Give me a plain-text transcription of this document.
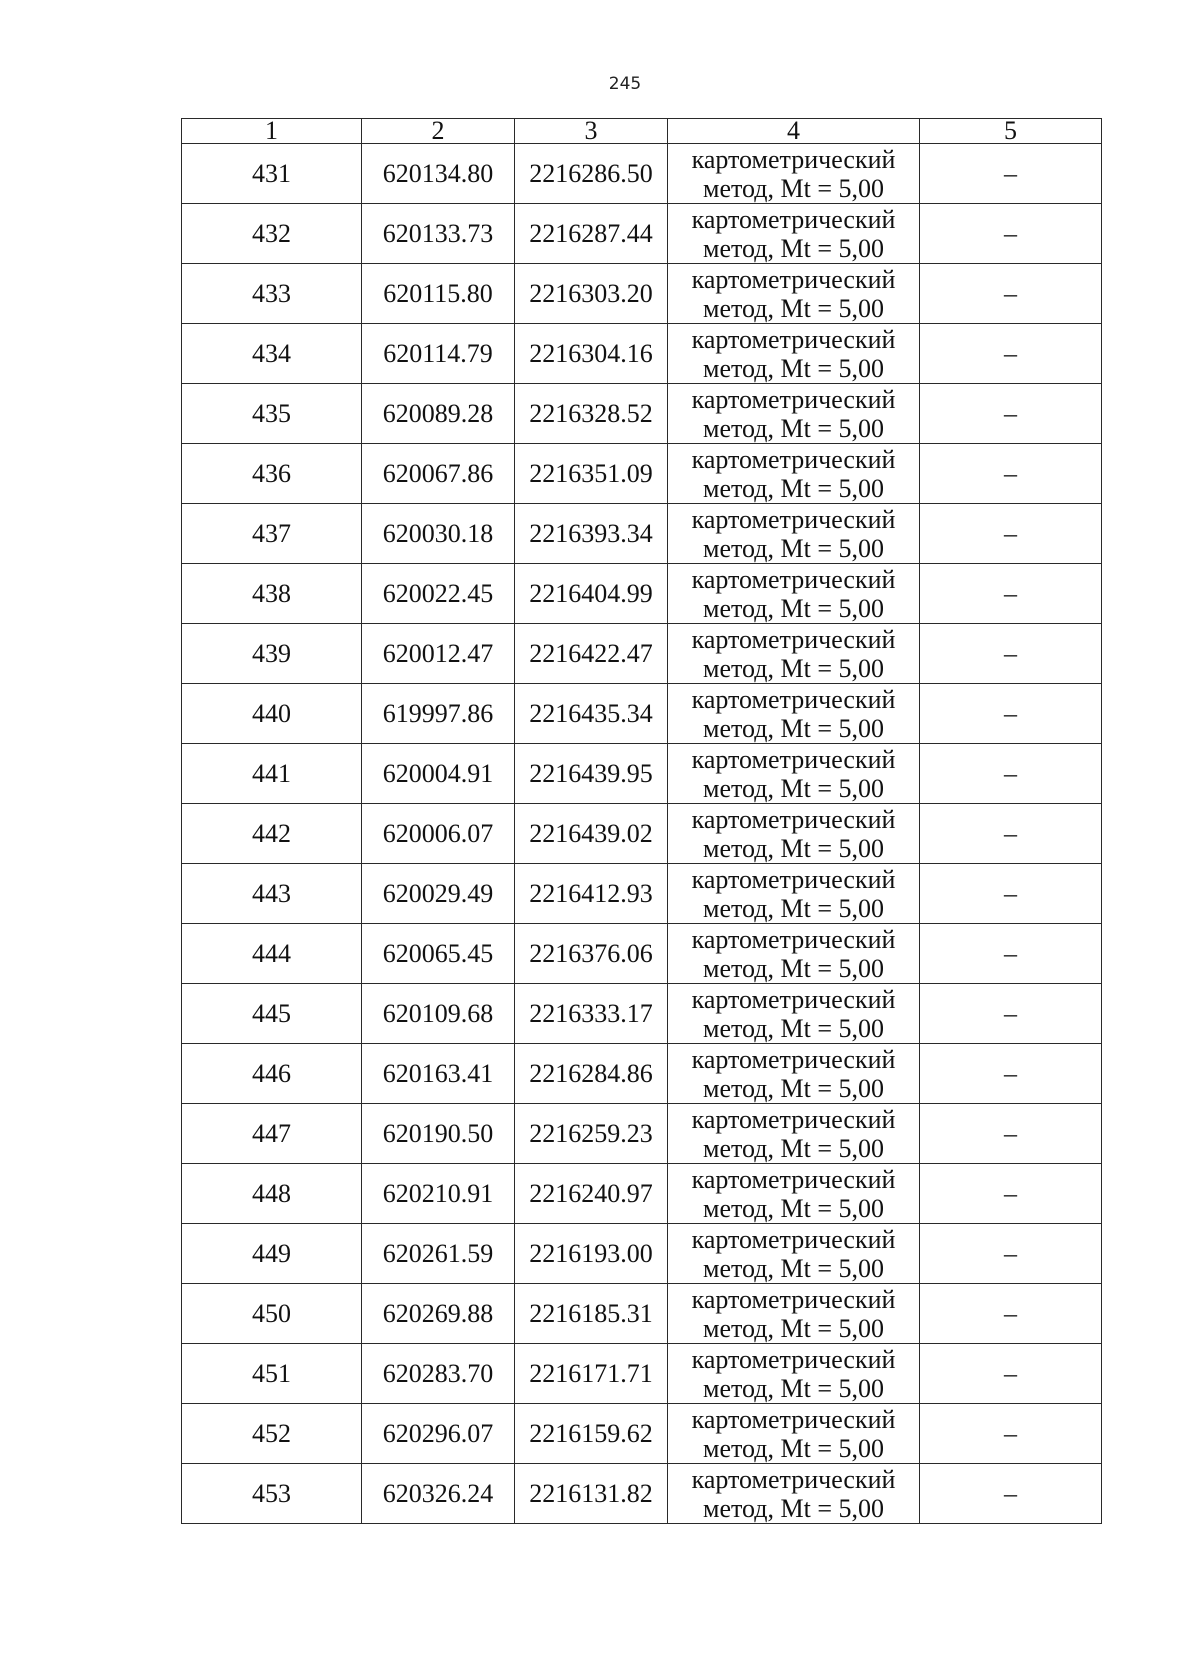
245
1	2	3	4	5
431	620134.80	2216286.50	картометрический
метод, Mt = 5,00	–
432	620133.73	2216287.44	картометрический
метод, Mt = 5,00	–
433	620115.80	2216303.20	картометрический
метод, Mt = 5,00	–
434	620114.79	2216304.16	картометрический
метод, Mt = 5,00	–
435	620089.28	2216328.52	картометрический
метод, Mt = 5,00	–
436	620067.86	2216351.09	картометрический
метод, Mt = 5,00	–
437	620030.18	2216393.34	картометрический
метод, Mt = 5,00	–
438	620022.45	2216404.99	картометрический
метод, Mt = 5,00	–
439	620012.47	2216422.47	картометрический
метод, Mt = 5,00	–
440	619997.86	2216435.34	картометрический
метод, Mt = 5,00	–
441	620004.91	2216439.95	картометрический
метод, Mt = 5,00	–
442	620006.07	2216439.02	картометрический
метод, Mt = 5,00	–
443	620029.49	2216412.93	картометрический
метод, Mt = 5,00	–
444	620065.45	2216376.06	картометрический
метод, Mt = 5,00	–
445	620109.68	2216333.17	картометрический
метод, Mt = 5,00	–
446	620163.41	2216284.86	картометрический
метод, Mt = 5,00	–
447	620190.50	2216259.23	картометрический
метод, Mt = 5,00	–
448	620210.91	2216240.97	картометрический
метод, Mt = 5,00	–
449	620261.59	2216193.00	картометрический
метод, Mt = 5,00	–
450	620269.88	2216185.31	картометрический
метод, Mt = 5,00	–
451	620283.70	2216171.71	картометрический
метод, Mt = 5,00	–
452	620296.07	2216159.62	картометрический
метод, Mt = 5,00	–
453	620326.24	2216131.82	картометрический
метод, Mt = 5,00	–
